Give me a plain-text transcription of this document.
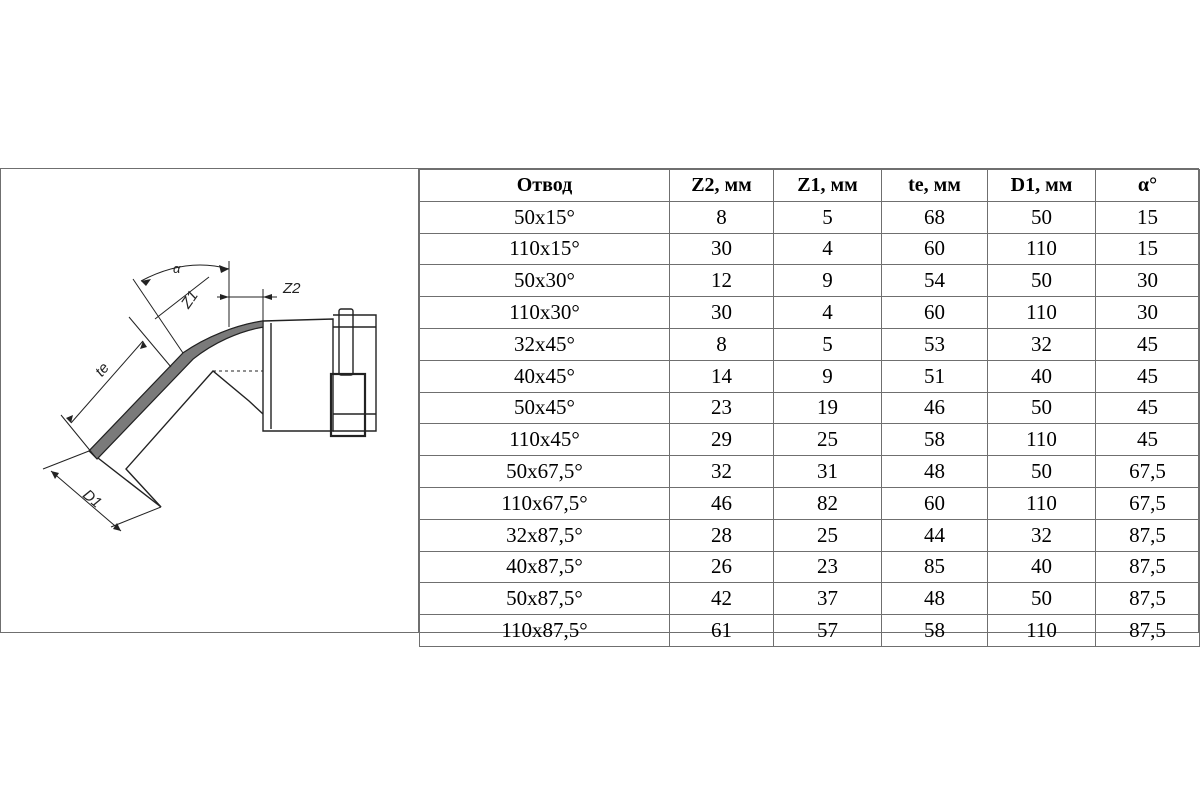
α
Z1	Z2
te
D1
Отвод	Z2, мм	Z1, мм	te, мм	D1, мм	α°
50x15°	8	5	68	50	15
110x15°	30	4	60	110	15
50x30°	12	9	54	50	30
110x30°	30	4	60	110	30
32x45°	8	5	53	32	45
40x45°	14	9	51	40	45
50x45°	23	19	46	50	45
110x45°	29	25	58	110	45
50x67,5°	32	31	48	50	67,5
110x67,5°	46	82	60	110	67,5
32x87,5°	28	25	44	32	87,5
40x87,5°	26	23	85	40	87,5
50x87,5°	42	37	48	50	87,5
110x87,5°	61	57	58	110	87,5
